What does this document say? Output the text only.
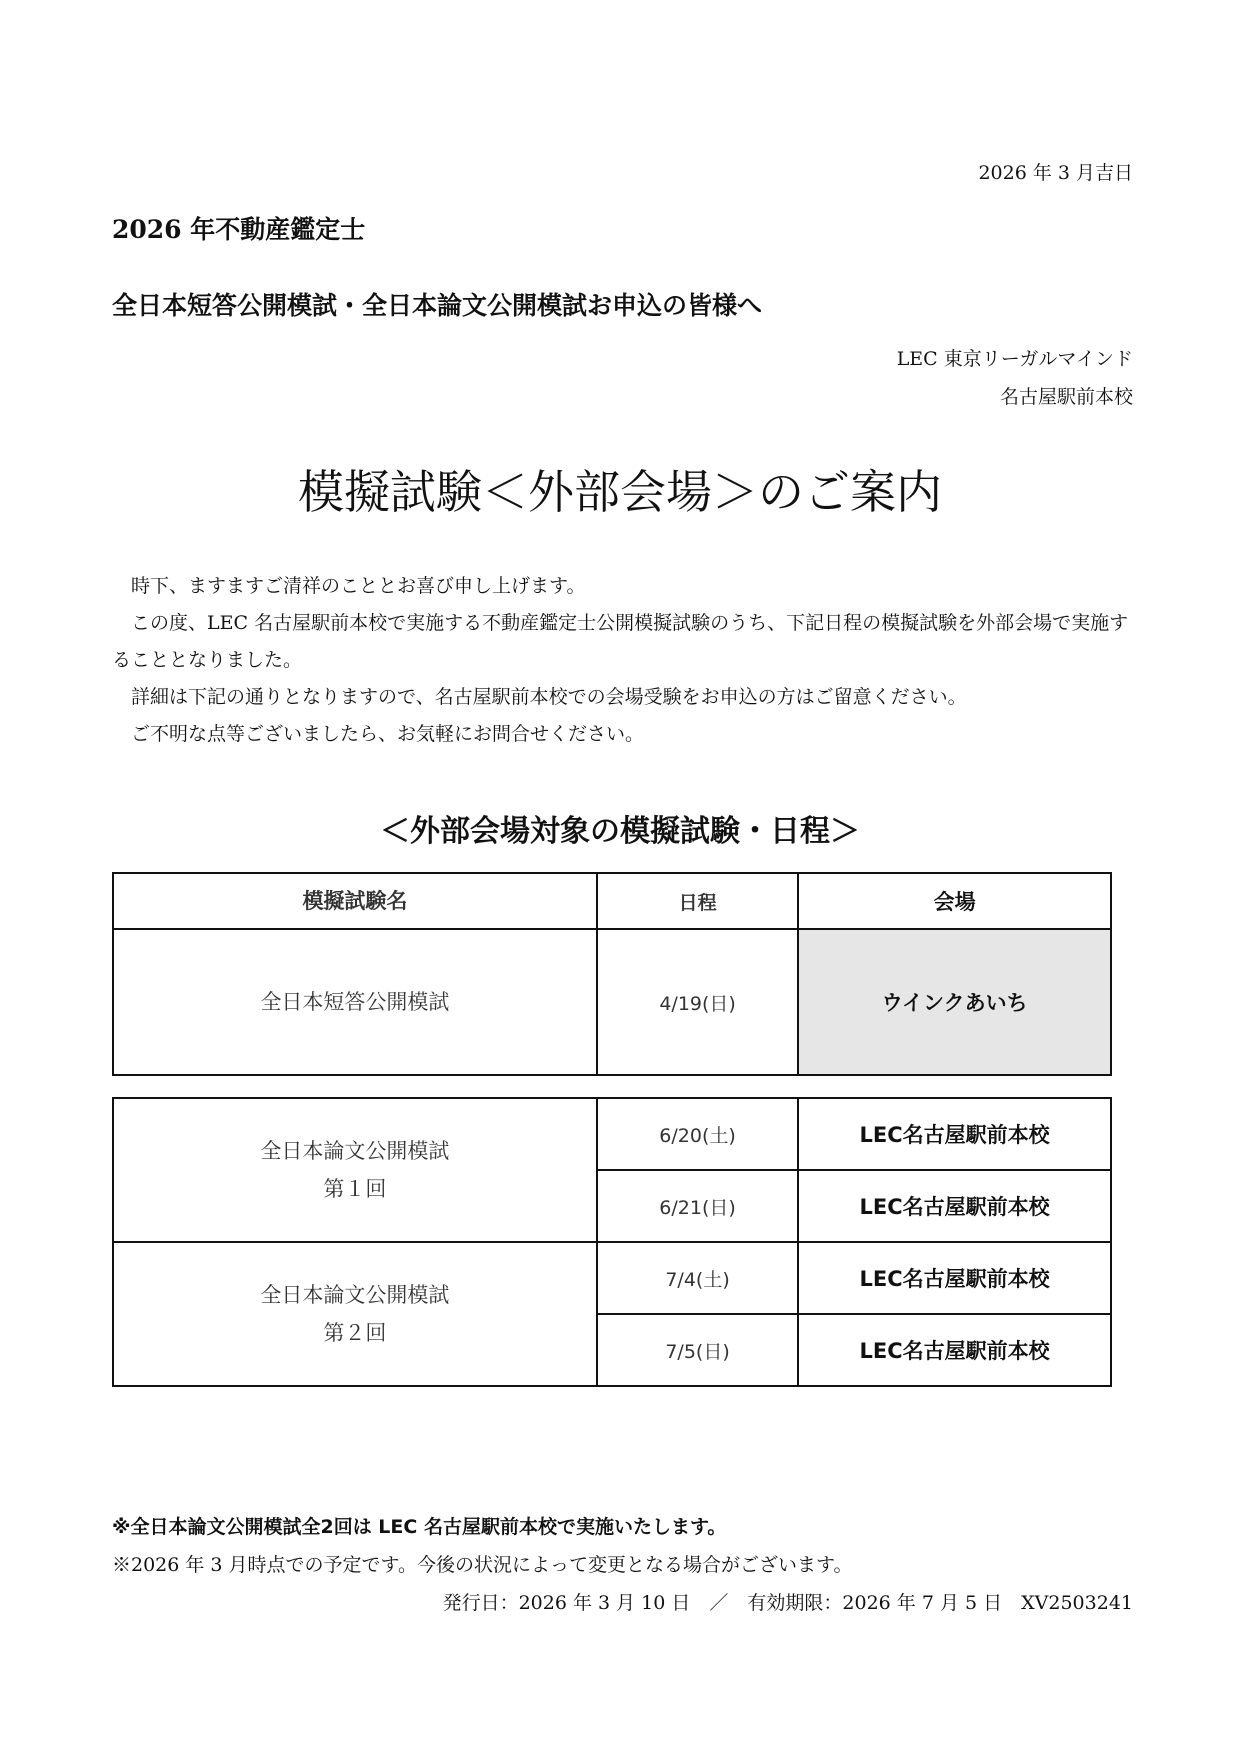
2026 年 3 月吉日
2026 年不動産鑑定士
全日本短答公開模試・全日本論文公開模試お申込の皆様へ
LEC 東京リーガルマインド
名古屋駅前本校
模擬試験＜外部会場＞のご案内

時下、ますますご清祥のこととお喜び申し上げます。

この度、LEC 名古屋駅前本校で実施する不動産鑑定士公開模擬試験のうち、下記日程の模擬試験を外部会場で実施することとなりました。

詳細は下記の通りとなりますので、名古屋駅前本校での会場受験をお申込の方はご留意ください。

ご不明な点等ございましたら、お気軽にお問合せください。

＜外部会場対象の模擬試験・日程＞
模擬試験名	日程	会場
全日本短答公開模試	4/19(日)	ウインクあいち
全日本論文公開模試
第１回	6/20(土)	LEC名古屋駅前本校
	6/21(日)	LEC名古屋駅前本校

全日本論文公開模試
第２回	7/4(土)	LEC名古屋駅前本校
	7/5(日)	LEC名古屋駅前本校
※全日本論文公開模試全2回は LEC 名古屋駅前本校で実施いたします。
※2026 年 3 月時点での予定です。今後の状況によって変更となる場合がございます。
発行日：2026 年 3 月 10 日　／　有効期限：2026 年 7 月 5 日　XV2503241
